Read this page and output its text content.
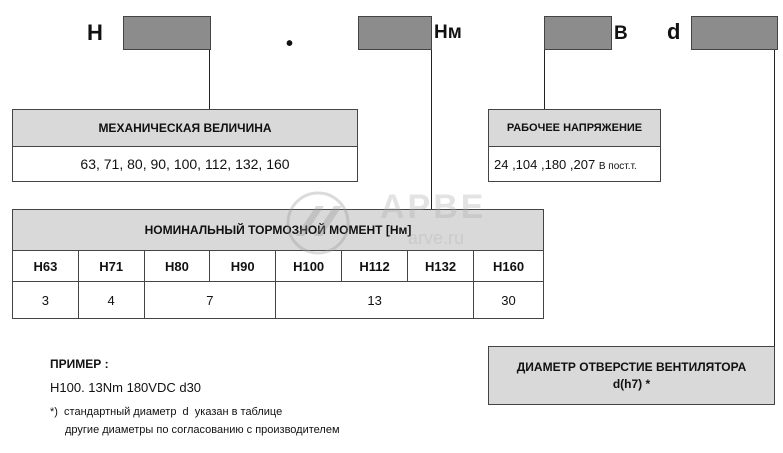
H	•
Нм	В d
МЕХАНИЧЕСКАЯ ВЕЛИЧИНА
63, 71, 80, 90, 100, 112, 132, 160
РАБОЧЕЕ НАПРЯЖЕНИЕ
24 ,104 ,180 ,207 В пост.т.
НОМИНАЛЬНЫЙ ТОРМОЗНОЙ МОМЕНТ [Нм]							
H63	H71	H80	H90	H100	H112	H132	H160
3	4	7		13			30
APBE
arve.ru
ПРИМЕР :
H100. 13Nm 180VDC d30
*)  стандартный диаметр  d  указан в таблице
другие диаметры по согласованию с производителем
ДИАМЕТР ОТВЕРСТИЕ ВЕНТИЛЯТОРА
d(h7) *
